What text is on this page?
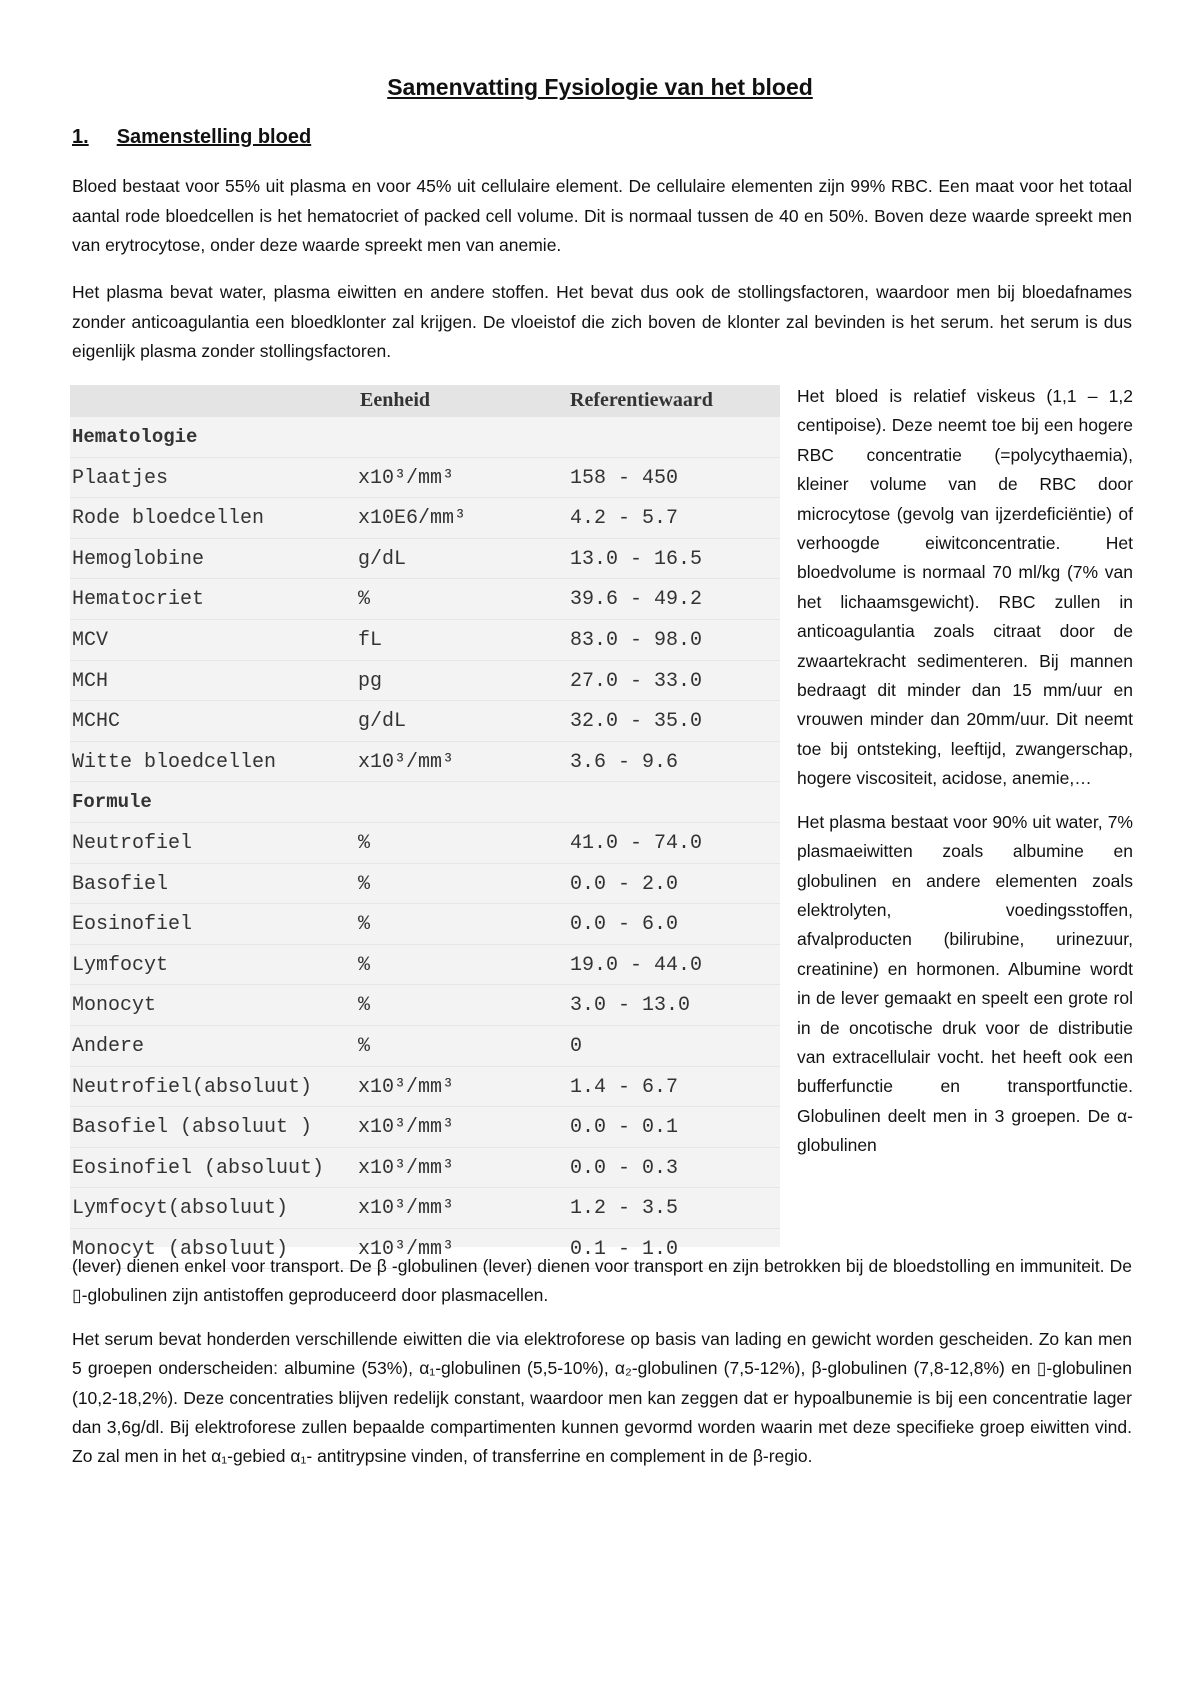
Samenvatting Fysiologie van het bloed
1. Samenstelling bloed
Bloed bestaat voor 55% uit plasma en voor 45% uit cellulaire element. De cellulaire elementen zijn 99% RBC. Een maat voor het totaal aantal rode bloedcellen is het hematocriet of packed cell volume. Dit is normaal tussen de 40 en 50%. Boven deze waarde spreekt men van erytrocytose, onder deze waarde spreekt men van anemie.
Het plasma bevat water, plasma eiwitten en andere stoffen. Het bevat dus ook de stollingsfactoren, waardoor men bij bloedafnames zonder anticoagulantia een bloedklonter zal krijgen. De vloeistof die zich boven de klonter zal bevinden is het serum. het serum is dus eigenlijk plasma zonder stollingsfactoren.
Eenheid	Referentiewaard
Hematologie
Plaatjes	x10³/mm³	158 - 450
Rode bloedcellen	x10E6/mm³	4.2 - 5.7
Hemoglobine	g/dL	13.0 - 16.5
Hematocriet	%	39.6 - 49.2
MCV	fL	83.0 - 98.0
MCH	pg	27.0 - 33.0
MCHC	g/dL	32.0 - 35.0
Witte bloedcellen	x10³/mm³	3.6 - 9.6
Formule
Neutrofiel	%	41.0 - 74.0
Basofiel	%	0.0 - 2.0
Eosinofiel	%	0.0 - 6.0
Lymfocyt	%	19.0 - 44.0
Monocyt	%	3.0 - 13.0
Andere	%	0
Neutrofiel(absoluut) x10³/mm³	1.4 - 6.7
Basofiel (absoluut ) x10³/mm³	0.0 - 0.1
Eosinofiel (absoluut) x10³/mm³	0.0 - 0.3
Lymfocyt(absoluut)	x10³/mm³	1.2 - 3.5
Monocyt (absoluut)	x10³/mm³	0.1 - 1.0

Het bloed is relatief viskeus (1,1 – 1,2 centipoise). Deze neemt toe bij een hogere RBC concentratie (=polycythaemia), kleiner volume van de RBC door microcytose (gevolg van ijzerdeficiëntie) of verhoogde eiwitconcentratie. Het bloedvolume is normaal 70 ml/kg (7% van het lichaamsgewicht). RBC zullen in anticoagulantia zoals citraat door de zwaartekracht sedimenteren. Bij mannen bedraagt dit minder dan 15 mm/uur en vrouwen minder dan 20mm/uur. Dit neemt toe bij ontsteking, leeftijd, zwangerschap, hogere viscositeit, acidose, anemie,…

Het plasma bestaat voor 90% uit water, 7% plasmaeiwitten zoals albumine en globulinen en andere elementen zoals elektrolyten, voedingsstoffen, afvalproducten (bilirubine, urinezuur, creatinine) en hormonen. Albumine wordt in de lever gemaakt en speelt een grote rol in de oncotische druk voor de distributie van extracellulair vocht. het heeft ook een bufferfunctie en transportfunctie. Globulinen deelt men in 3 groepen. De α-globulinen

(lever) dienen enkel voor transport. De β -globulinen (lever) dienen voor transport en zijn betrokken bij de bloedstolling en immuniteit. De ▯-globulinen zijn antistoffen geproduceerd door plasmacellen.

Het serum bevat honderden verschillende eiwitten die via elektroforese op basis van lading en gewicht worden gescheiden. Zo kan men 5 groepen onderscheiden: albumine (53%), α₁-globulinen (5,5-10%), α₂-globulinen (7,5-12%), β-globulinen (7,8-12,8%) en ▯-globulinen (10,2-18,2%). Deze concentraties blijven redelijk constant, waardoor men kan zeggen dat er hypoalbunemie is bij een concentratie lager dan 3,6g/dl. Bij elektroforese zullen bepaalde compartimenten kunnen gevormd worden waarin met deze specifieke groep eiwitten vind. Zo zal men in het α₁-gebied α₁- antitrypsine vinden, of transferrine en complement in de β-regio.
